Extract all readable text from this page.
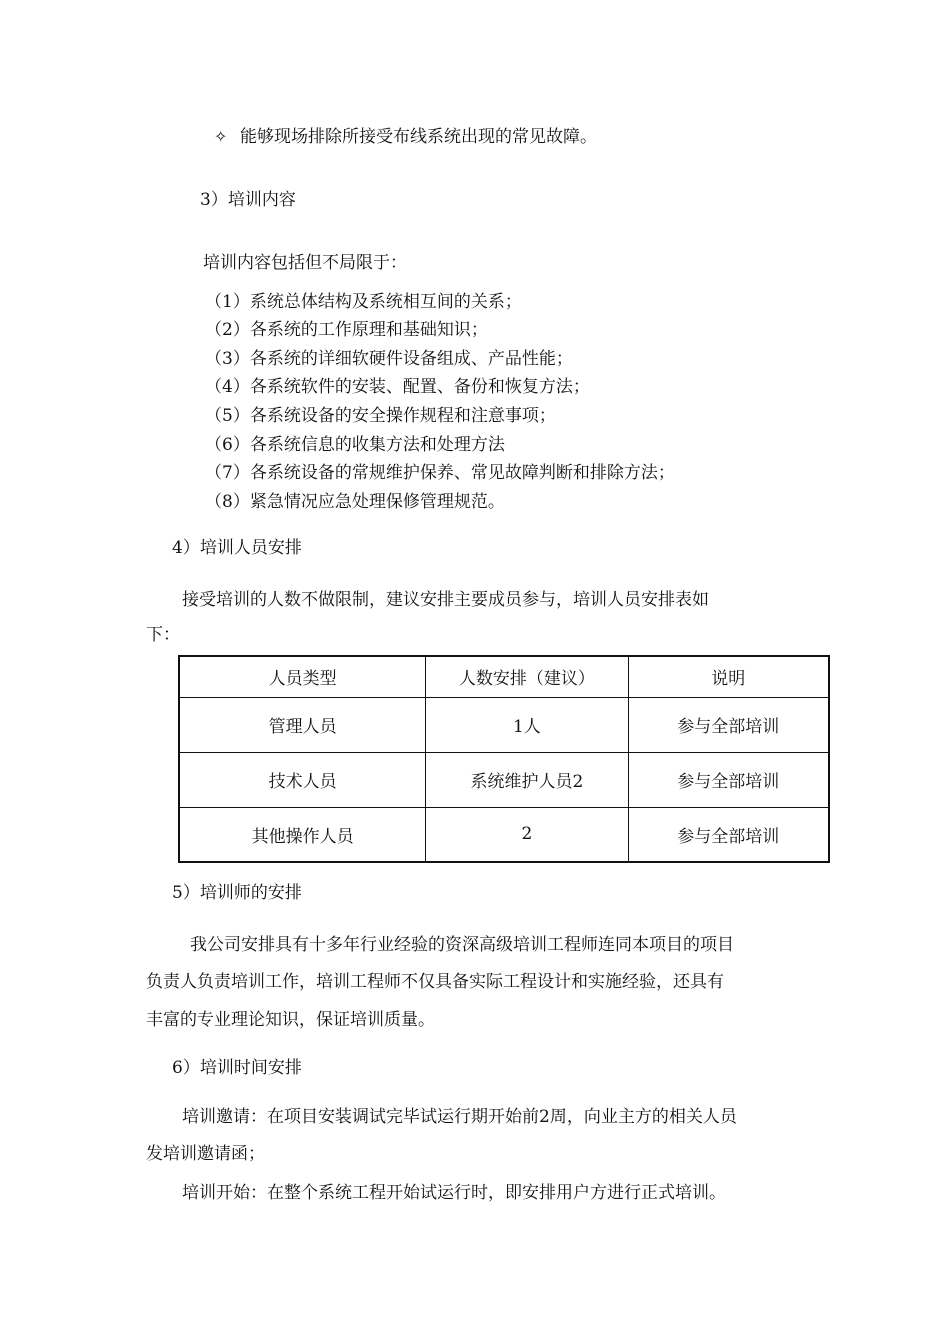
✧ 能够现场排除所接受布线系统出现的常见故障。
3）培训内容
培训内容包括但不局限于：
（1）系统总体结构及系统相互间的关系；
（2）各系统的工作原理和基础知识；
（3）各系统的详细软硬件设备组成、产品性能；
（4）各系统软件的安装、配置、备份和恢复方法；
（5）各系统设备的安全操作规程和注意事项；
（6）各系统信息的收集方法和处理方法
（7）各系统设备的常规维护保养、常见故障判断和排除方法；
（8）紧急情况应急处理保修管理规范。
4）培训人员安排
接受培训的人数不做限制，建议安排主要成员参与，培训人员安排表如
下：
人员类型	人数安排（建议）	说明
管理人员	1人	参与全部培训
技术人员	系统维护人员2	参与全部培训
其他操作人员	2	参与全部培训
5）培训师的安排
我公司安排具有十多年行业经验的资深高级培训工程师连同本项目的项目
负责人负责培训工作，培训工程师不仅具备实际工程设计和实施经验，还具有
丰富的专业理论知识，保证培训质量。
6）培训时间安排
培训邀请：在项目安装调试完毕试运行期开始前2周，向业主方的相关人员
发培训邀请函；
培训开始：在整个系统工程开始试运行时，即安排用户方进行正式培训。
